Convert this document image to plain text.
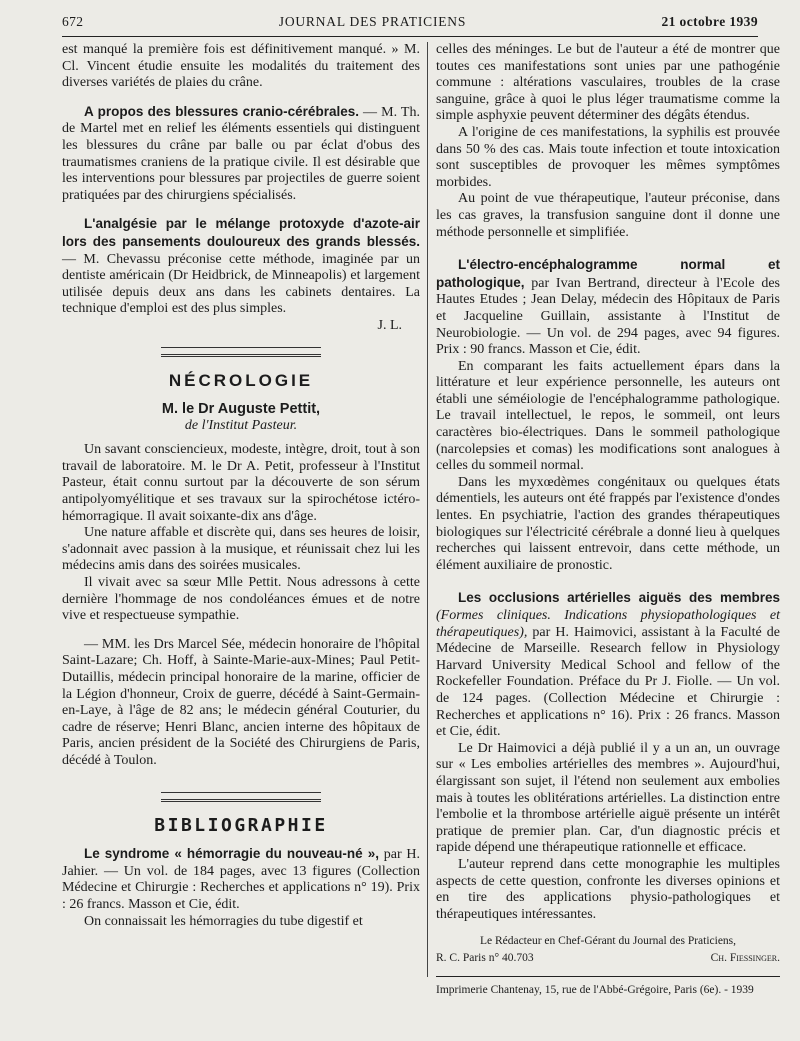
672	JOURNAL DES PRATICIENS	21 octobre 1939

est manqué la première fois est définitivement manqué. » M. Cl. Vincent étudie ensuite les modalités du traitement des diverses variétés de plaies du crâne.

A propos des blessures cranio-cérébrales. — M. Th. de Martel met en relief les éléments essentiels qui distinguent les blessures du crâne par balle ou par éclat d'obus des traumatismes craniens de la pratique civile. Il est désirable que les interventions pour blessures par projectiles de guerre soient pratiquées par des chirurgiens spécialisés.

L'analgésie par le mélange protoxyde d'azote-air lors des pansements douloureux des grands blessés. — M. Chevassu préconise cette méthode, imaginée par un dentiste américain (Dr Heidbrick, de Minneapolis) et largement utilisée depuis deux ans dans les cabinets dentaires. La technique d'emploi est des plus simples.

J. L.

NÉCROLOGIE
M. le Dr Auguste Pettit,
de l'Institut Pasteur.

Un savant consciencieux, modeste, intègre, droit, tout à son travail de laboratoire. M. le Dr A. Petit, professeur à l'Institut Pasteur, était connu surtout par la découverte de son sérum antipolyomyélitique et ses travaux sur la spirochétose ictéro-hémorragique. Il avait soixante-dix ans d'âge.

Une nature affable et discrète qui, dans ses heures de loisir, s'adonnait avec passion à la musique, et réunissait chez lui les médecins amis dans des soirées musicales.

Il vivait avec sa sœur Mlle Pettit. Nous adressons à cette dernière l'hommage de nos condoléances émues et de notre vive et respectueuse sympathie.

— MM. les Drs Marcel Sée, médecin honoraire de l'hôpital Saint-Lazare; Ch. Hoff, à Sainte-Marie-aux-Mines; Paul Petit-Dutaillis, médecin principal honoraire de la marine, officier de la Légion d'honneur, Croix de guerre, décédé à Saint-Germain-en-Laye, à l'âge de 82 ans; le médecin général Couturier, du cadre de réserve; Henri Blanc, ancien interne des hôpitaux de Paris, ancien président de la Société des Chirurgiens de Paris, décédé à Toulon.

BIBLIOGRAPHIE

Le syndrome « hémorragie du nouveau-né », par H. Jahier. — Un vol. de 184 pages, avec 13 figures (Collection Médecine et Chirurgie : Recherches et applications n° 19). Prix : 26 francs. Masson et Cie, édit.

On connaissait les hémorragies du tube digestif et

celles des méninges. Le but de l'auteur a été de montrer que toutes ces manifestations sont unies par une pathogénie commune : altérations vasculaires, troubles de la crase sanguine, grâce à quoi le plus léger traumatisme comme la simple asphyxie peuvent déterminer des dégâts étendus.

A l'origine de ces manifestations, la syphilis est prouvée dans 50 % des cas. Mais toute infection et toute intoxication sont susceptibles de provoquer les mêmes symptômes morbides.

Au point de vue thérapeutique, l'auteur préconise, dans les cas graves, la transfusion sanguine dont il donne une méthode personnelle et simplifiée.

L'électro-encéphalogramme normal et pathologique, par Ivan Bertrand, directeur à l'Ecole des Hautes Etudes ; Jean Delay, médecin des Hôpitaux de Paris et Jacqueline Guillain, assistante à l'Institut de Neurobiologie. — Un vol. de 294 pages, avec 94 figures. Prix : 90 francs. Masson et Cie, édit.

En comparant les faits actuellement épars dans la littérature et leur expérience personnelle, les auteurs ont établi une séméiologie de l'encéphalogramme pathologique. Le travail intellectuel, le repos, le sommeil, ont leurs caractères bio-électriques. Dans le sommeil pathologique (narcolepsies et comas) les modifications sont analogues à celles du sommeil normal.

Dans les myxœdèmes congénitaux ou quelques états démentiels, les auteurs ont été frappés par l'existence d'ondes lentes. En psychiatrie, l'action des grandes thérapeutiques biologiques sur l'électricité cérébrale a donné lieu à quelques recherches qui laissent entrevoir, dans cette méthode, un élément auxiliaire de pronostic.

Les occlusions artérielles aiguës des membres (Formes cliniques. Indications physiopathologiques et thérapeutiques), par H. Haimovici, assistant à la Faculté de Médecine de Marseille. Research fellow in Physiology Harvard University Medical School and fellow of the Rockefeller Foundation. Préface du Pr J. Fiolle. — Un vol. de 124 pages. (Collection Médecine et Chirurgie : Recherches et applications n° 16). Prix : 26 francs. Masson et Cie, édit.

Le Dr Haimovici a déjà publié il y a un an, un ouvrage sur « Les embolies artérielles des membres ». Aujourd'hui, élargissant son sujet, il l'étend non seulement aux embolies mais à toutes les oblitérations artérielles. La distinction entre l'embolie et la thrombose artérielle aiguë présente un intérêt pratique de premier plan. Car, d'un diagnostic précis et rapide dépend une thérapeutique rationnelle et efficace.

L'auteur reprend dans cette monographie les multiples aspects de cette question, confronte les diverses opinions et en tire des applications physio-pathologiques et thérapeutiques intéressantes.

Le Rédacteur en Chef-Gérant du Journal des Praticiens,
R. C. Paris n° 40.703	Ch. Fiessinger.
Imprimerie Chantenay, 15, rue de l'Abbé-Grégoire, Paris (6e). - 1939
